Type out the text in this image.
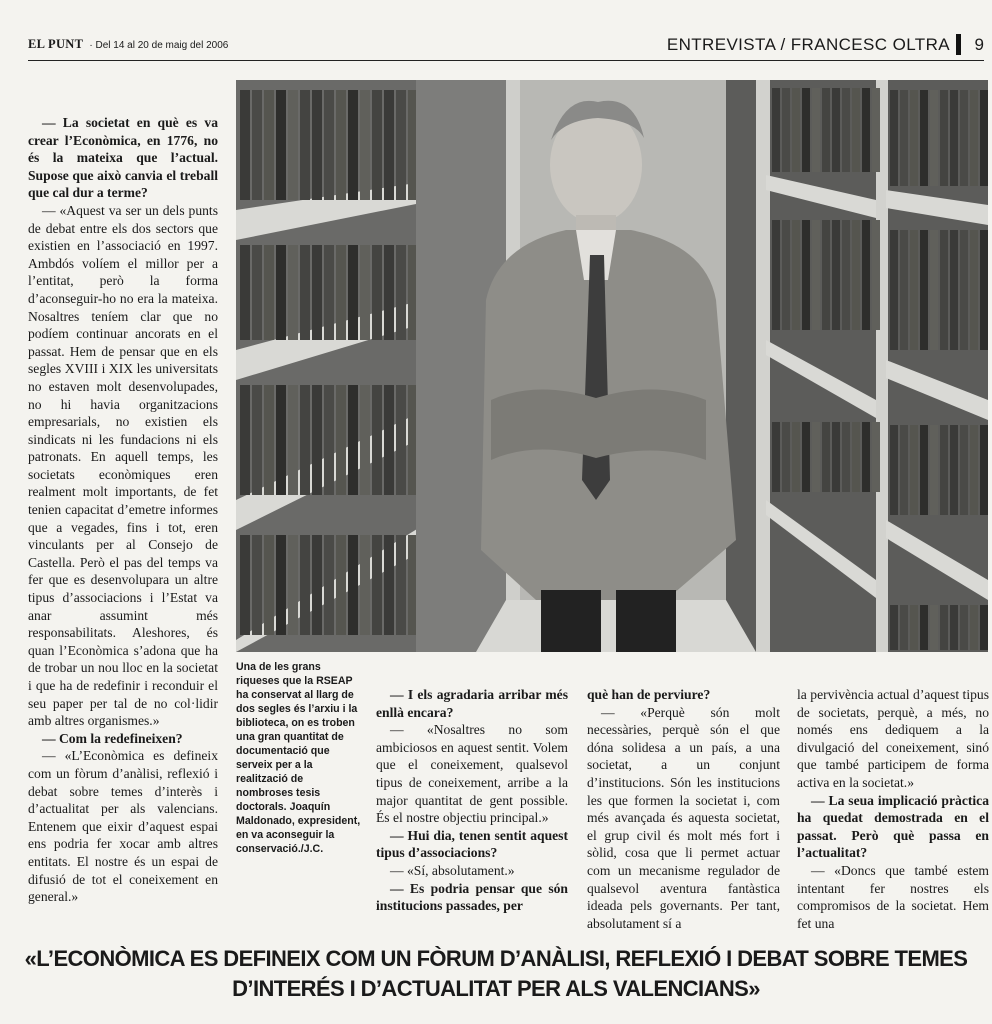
EL PUNT · Del 14 al 20 de maig del 2006	ENTREVISTA / FRANCESC OLTRA 9

— La societat en què es va crear l’Econòmica, en 1776, no és la mateixa que l’actual. Supose que això canvia el treball que cal dur a terme?

— «Aquest va ser un dels punts de debat entre els dos sectors que existien en l’associació en 1997. Ambdós volíem el millor per a l’entitat, però la forma d’aconseguir-ho no era la mateixa. Nosaltres teníem clar que no podíem continuar ancorats en el passat. Hem de pensar que en els segles XVIII i XIX les universitats no estaven molt desenvolupades, no hi havia organitzacions empresarials, no existien els sindicats ni les fundacions ni els patronats. En aquell temps, les societats econòmiques eren realment molt importants, de fet tenien capacitat d’emetre informes que a vegades, fins i tot, eren vinculants per al Consejo de Castella. Però el pas del temps va fer que es desenvolupara un altre tipus d’associacions i l’Estat va anar assumint més responsabilitats. Aleshores, és quan l’Econòmica s’adona que ha de trobar un nou lloc en la societat i que ha de redefinir i reconduir el seu paper per tal de no col·lidir amb altres organismes.»

— Com la redefineixen?

— «L’Econòmica es defineix com un fòrum d’anàlisi, reflexió i debat sobre temes d’interès i d’actualitat per als valencians. Entenem que eixir d’aquest espai ens podria fer xocar amb altres entitats. El nostre és un espai de difusió de tot el coneixement en general.»

Una de les grans riqueses que la RSEAP ha conservat al llarg de dos segles és l’arxiu i la biblioteca, on es troben una gran quantitat de documentació que serveix per a la realització de nombroses tesis doctorals. Joaquín Maldonado, expresident, en va aconseguir la conservació./J.C.

— I els agradaria arribar més enllà encara?

— «Nosaltres no som ambiciosos en aquest sentit. Volem que el coneixement, qualsevol tipus de coneixement, arribe a la major quantitat de gent possible. És el nostre objectiu principal.»

— Hui dia, tenen sentit aquest tipus d’associacions?

— «Sí, absolutament.»

— Es podria pensar que són institucions passades, per

què han de perviure?

— «Perquè són molt necessàries, perquè són el que dóna solidesa a un país, a una societat, a un conjunt d’institucions. Són les institucions les que formen la societat i, com més avançada és aquesta societat, el grup civil és molt més fort i sòlid, cosa que li permet actuar com un mecanisme regulador de qualsevol aventura fantàstica ideada pels governants. Per tant, absolutament sí a

la pervivència actual d’aquest tipus de societats, perquè, a més, no només ens dediquem a la divulgació del coneixement, sinó que també participem de forma activa en la societat.»

— La seua implicació pràctica ha quedat demostrada en el passat. Però què passa en l’actualitat?

— «Doncs que també estem intentant fer nostres els compromisos de la societat. Hem fet una

«L’ECONÒMICA ES DEFINEIX COM UN FÒRUM D’ANÀLISI, REFLEXIÓ I DEBAT SOBRE TEMES D’INTERÉS I D’ACTUALITAT PER ALS VALENCIANS»
